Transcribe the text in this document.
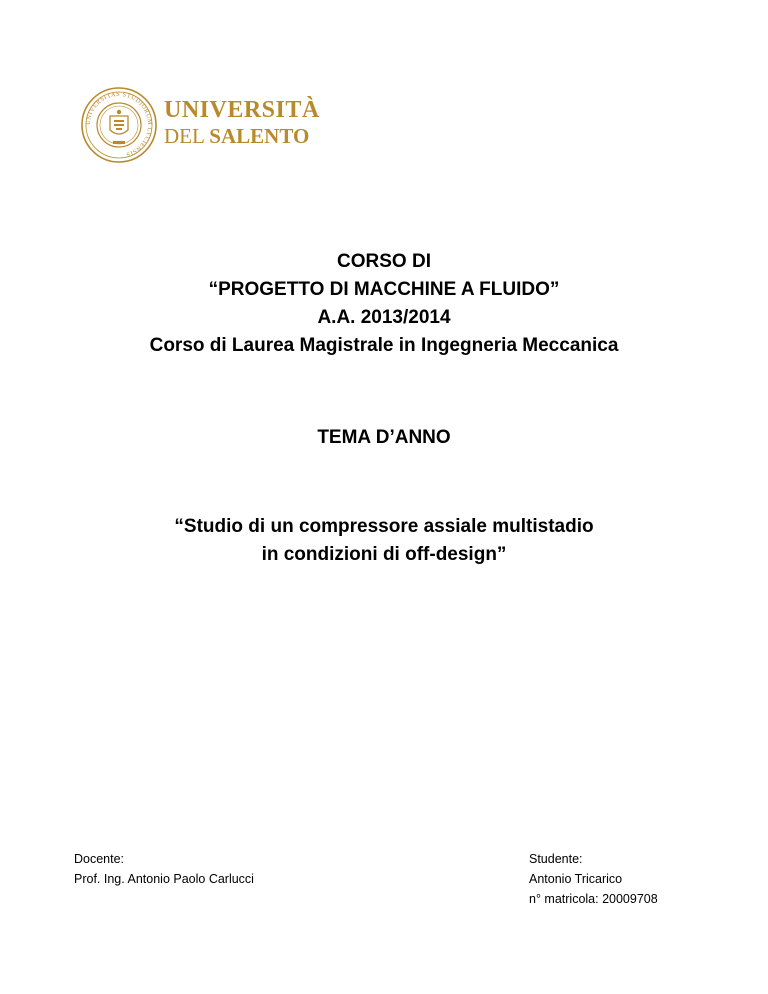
UNIVERSITAS STUDIORUM LYCIENSIS
UNIVERSITÀ
DEL SALENTO
CORSO DI
“PROGETTO DI MACCHINE A FLUIDO”
A.A. 2013/2014
Corso di Laurea Magistrale in Ingegneria Meccanica
TEMA D’ANNO
“Studio di un compressore assiale multistadio
in condizioni di off-design”
Docente:
Prof. Ing. Antonio Paolo Carlucci
Studente:
Antonio Tricarico
n° matricola: 20009708
